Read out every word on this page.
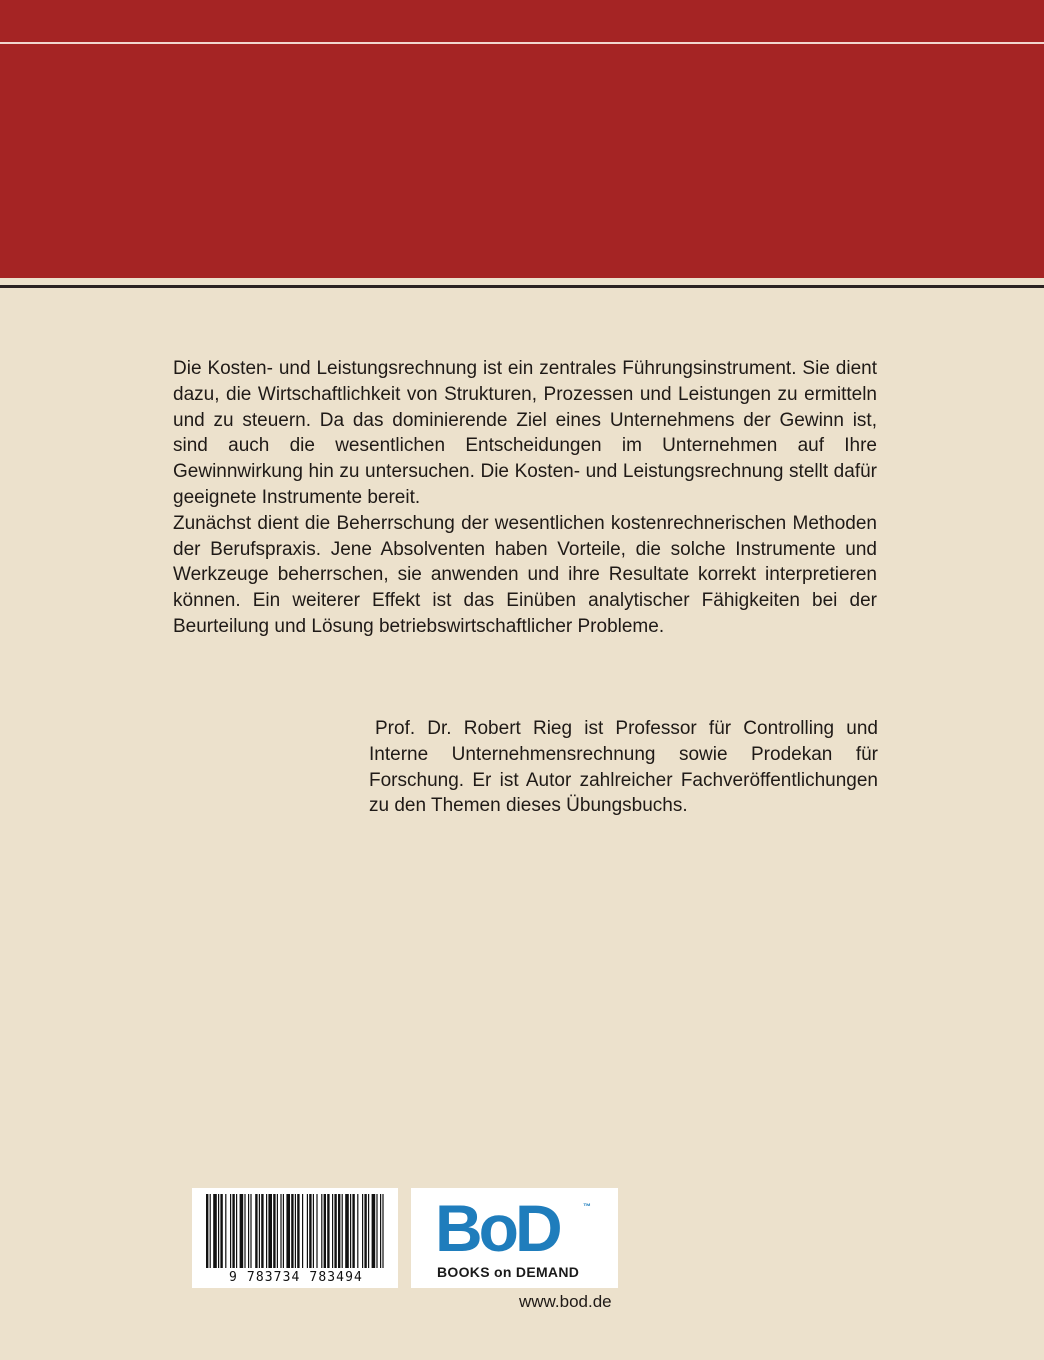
Die Kosten- und Leistungsrechnung ist ein zentrales Führungsinstrument. Sie dient dazu, die Wirtschaftlichkeit von Strukturen, Prozessen und Leistungen zu ermitteln und zu steuern. Da das dominierende Ziel eines Unternehmens der Gewinn ist, sind auch die wesentlichen Entscheidungen im Unternehmen auf Ihre Gewinnwirkung hin zu untersuchen. Die Kosten- und Leistungsrechnung stellt dafür geeignete Instrumente bereit.

Zunächst dient die Beherrschung der wesentlichen kostenrechnerischen Methoden der Berufspraxis. Jene Absolventen haben Vorteile, die solche Instrumente und Werkzeuge beherrschen, sie anwenden und ihre Resultate korrekt interpretieren können. Ein weiterer Effekt ist das Einüben analytischer Fähigkeiten bei der Beurteilung und Lösung betriebswirtschaftlicher Probleme.

Prof. Dr. Robert Rieg ist Professor für Controlling und Interne Unternehmensrechnung sowie Prodekan für Forschung. Er ist Autor zahlreicher Fachveröffentlichungen zu den Themen dieses Übungsbuchs.
9 783734 783494
BoD	™
BOOKS on DEMAND
www.bod.de
